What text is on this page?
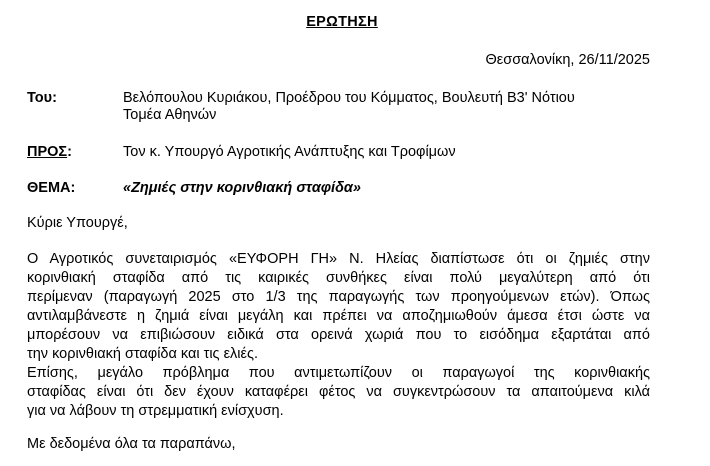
ΕΡΩΤΗΣΗ
Θεσσαλονίκη, 26/11/2025
Του:	Βελόπουλου Κυριάκου, Προέδρου του Κόμματος, Βουλευτή Β3' Νότιου
Τομέα Αθηνών
ΠΡΟΣ:	Τον κ. Υπουργό Αγροτικής Ανάπτυξης και Τροφίμων
ΘΕΜΑ:	«Ζημιές στην κορινθιακή σταφίδα»
Κύριε Υπουργέ,
Ο Αγροτικός συνεταιρισμός «ΕΥΦΟΡΗ ΓΗ» Ν. Ηλείας διαπίστωσε ότι οι ζημιές στην
κορινθιακή σταφίδα από τις καιρικές συνθήκες είναι πολύ μεγαλύτερη από ότι
περίμεναν (παραγωγή 2025 στο 1/3 της παραγωγής των προηγούμενων ετών). Όπως
αντιλαμβάνεστε η ζημιά είναι μεγάλη και πρέπει να αποζημιωθούν άμεσα έτσι ώστε να
μπορέσουν να επιβιώσουν ειδικά στα ορεινά χωριά που το εισόδημα εξαρτάται από
την κορινθιακή σταφίδα και τις ελιές.
Επίσης, μεγάλο πρόβλημα που αντιμετωπίζουν οι παραγωγοί της κορινθιακής
σταφίδας είναι ότι δεν έχουν καταφέρει φέτος να συγκεντρώσουν τα απαιτούμενα κιλά
για να λάβουν τη στρεμματική ενίσχυση.
Με δεδομένα όλα τα παραπάνω,
